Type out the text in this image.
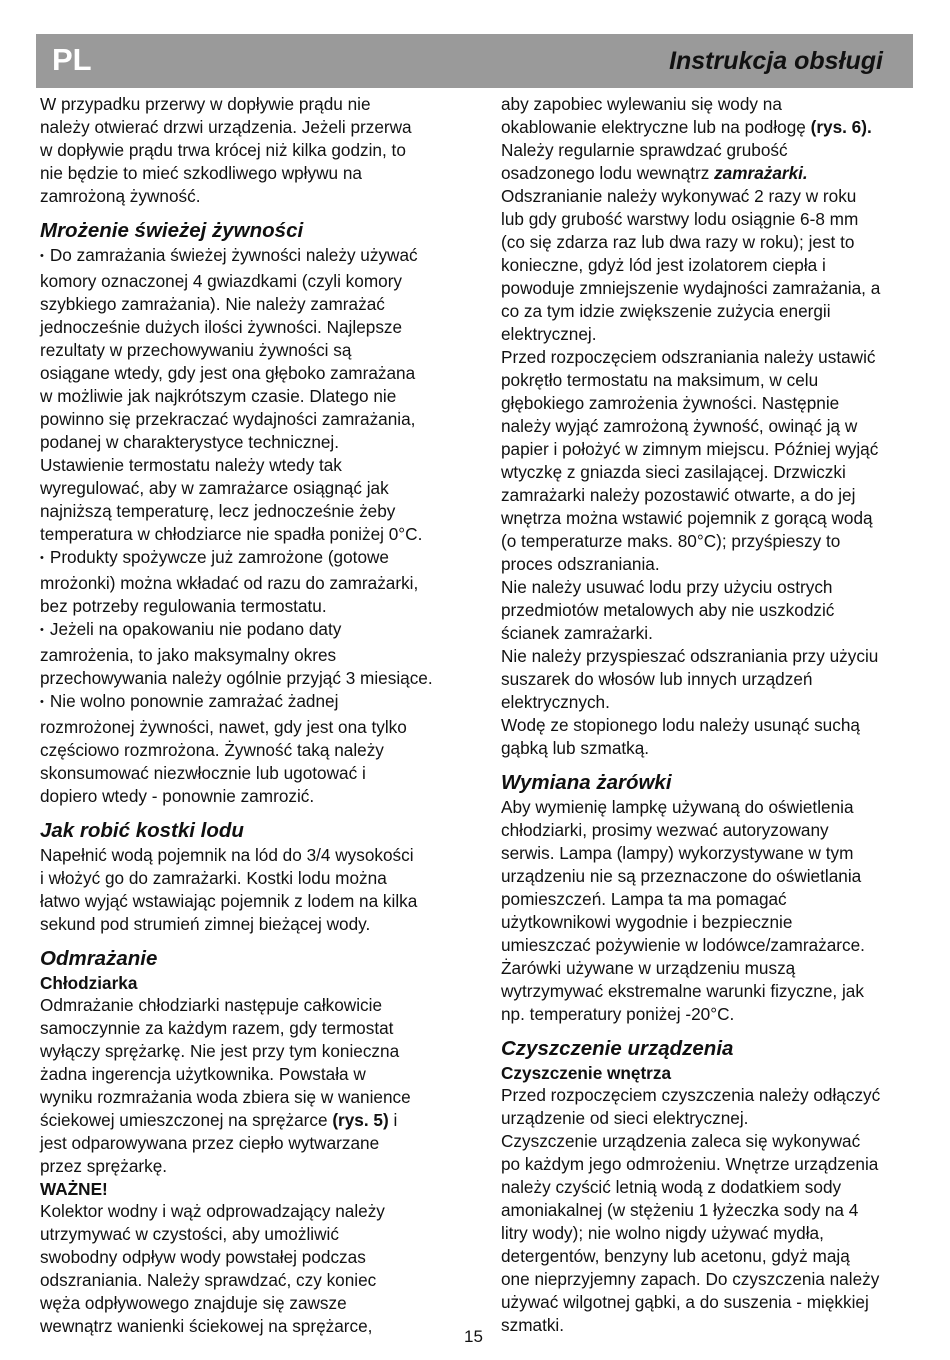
PL	Instrukcja obsługi

W przypadku przerwy w dopływie prądu nie
należy otwierać drzwi urządzenia. Jeżeli przerwa
w dopływie prądu trwa krócej niż kilka godzin, to
nie będzie to mieć szkodliwego wpływu na
zamrożoną żywność.

Mrożenie świeżej żywności

• Do zamrażania świeżej żywności należy używać
komory oznaczonej 4 gwiazdkami (czyli komory
szybkiego zamrażania). Nie należy zamrażać
jednocześnie dużych ilości żywności. Najlepsze
rezultaty w przechowywaniu żywności są
osiągane wtedy, gdy jest ona głęboko zamrażana
w możliwie jak najkrótszym czasie. Dlatego nie
powinno się przekraczać wydajności zamrażania,
podanej w charakterystyce technicznej.
Ustawienie termostatu należy wtedy tak
wyregulować, aby w zamrażarce osiągnąć jak
najniższą temperaturę, lecz jednocześnie żeby
temperatura w chłodziarce nie spadła poniżej 0°C.
• Produkty spożywcze już zamrożone (gotowe
mrożonki) można wkładać od razu do zamrażarki,
bez potrzeby regulowania termostatu.
• Jeżeli na opakowaniu nie podano daty
zamrożenia, to jako maksymalny okres
przechowywania należy ogólnie przyjąć 3 miesiące.
• Nie wolno ponownie zamrażać żadnej
rozmrożonej żywności, nawet, gdy jest ona tylko
częściowo rozmrożona. Żywność taką należy
skonsumować niezwłocznie lub ugotować i
dopiero wtedy - ponownie zamrozić.

Jak robić kostki lodu

Napełnić wodą pojemnik na lód do 3/4 wysokości
i włożyć go do zamrażarki. Kostki lodu można
łatwo wyjąć wstawiając pojemnik z lodem na kilka
sekund pod strumień zimnej bieżącej wody.

Odmrażanie
Chłodziarka

Odmrażanie chłodziarki następuje całkowicie
samoczynnie za każdym razem, gdy termostat
wyłączy sprężarkę. Nie jest przy tym konieczna
żadna ingerencja użytkownika. Powstała w
wyniku rozmrażania woda zbiera się w wanience
ściekowej umieszczonej na sprężarce (rys. 5) i
jest odparowywana przez ciepło wytwarzane
przez sprężarkę.

WAŻNE!

Kolektor wodny i wąż odprowadzający należy
utrzymywać w czystości, aby umożliwić
swobodny odpływ wody powstałej podczas
odszraniania. Należy sprawdzać, czy koniec
węża odpływowego znajduje się zawsze
wewnątrz wanienki ściekowej na sprężarce,

aby zapobiec wylewaniu się wody na
okablowanie elektryczne lub na podłogę (rys. 6).
Należy regularnie sprawdzać grubość
osadzonego lodu wewnątrz zamrażarki.
Odszranianie należy wykonywać 2 razy w roku
lub gdy grubość warstwy lodu osiągnie 6-8 mm
(co się zdarza raz lub dwa razy w roku); jest to
konieczne, gdyż lód jest izolatorem ciepła i
powoduje zmniejszenie wydajności zamrażania, a
co za tym idzie zwiększenie zużycia energii
elektrycznej.
Przed rozpoczęciem odszraniania należy ustawić
pokrętło termostatu na maksimum, w celu
głębokiego zamrożenia żywności. Następnie
należy wyjąć zamrożoną żywność, owinąć ją w
papier i położyć w zimnym miejscu. Później wyjąć
wtyczkę z gniazda sieci zasilającej. Drzwiczki
zamrażarki należy pozostawić otwarte, a do jej
wnętrza można wstawić pojemnik z gorącą wodą
(o temperaturze maks. 80°C); przyśpieszy to
proces odszraniania.
Nie należy usuwać lodu przy użyciu ostrych
przedmiotów metalowych aby nie uszkodzić
ścianek zamrażarki.
Nie należy przyspieszać odszraniania przy użyciu
suszarek do włosów lub innych urządzeń
elektrycznych.
Wodę ze stopionego lodu należy usunąć suchą
gąbką lub szmatką.

Wymiana żarówki

Aby wymienię lampkę używaną do oświetlenia
chłodziarki, prosimy wezwać autoryzowany
serwis. Lampa (lampy) wykorzystywane w tym
urządzeniu nie są przeznaczone do oświetlania
pomieszczeń. Lampa ta ma pomagać
użytkownikowi wygodnie i bezpiecznie
umieszczać pożywienie w lodówce/zamrażarce.
Żarówki używane w urządzeniu muszą
wytrzymywać ekstremalne warunki fizyczne, jak
np. temperatury poniżej -20°C.

Czyszczenie urządzenia
Czyszczenie wnętrza

Przed rozpoczęciem czyszczenia należy odłączyć
urządzenie od sieci elektrycznej.
Czyszczenie urządzenia zaleca się wykonywać
po każdym jego odmrożeniu. Wnętrze urządzenia
należy czyścić letnią wodą z dodatkiem sody
amoniakalnej (w stężeniu 1 łyżeczka sody na 4
litry wody); nie wolno nigdy używać mydła,
detergentów, benzyny lub acetonu, gdyż mają
one nieprzyjemny zapach. Do czyszczenia należy
używać wilgotnej gąbki, a do suszenia - miękkiej
szmatki.

15
